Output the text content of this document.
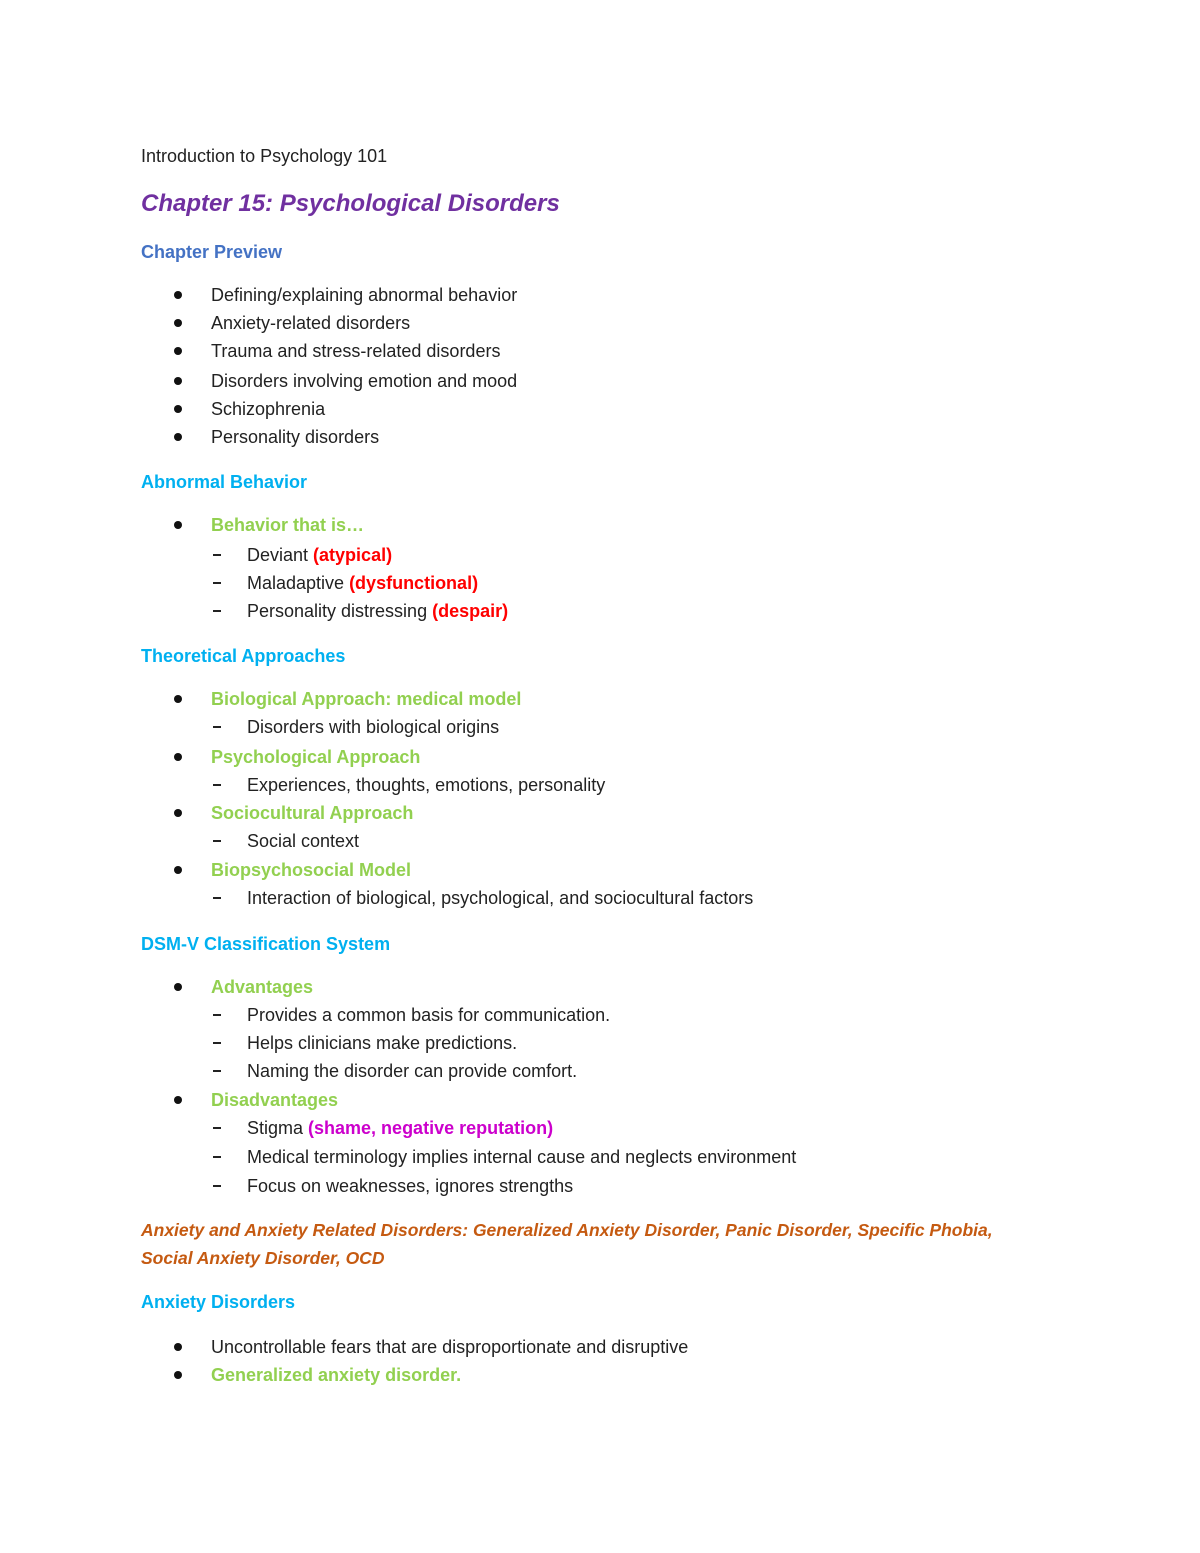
Introduction to Psychology 101
Chapter 15: Psychological Disorders
Chapter Preview
Defining/explaining abnormal behavior
Anxiety-related disorders
Trauma and stress-related disorders
Disorders involving emotion and mood
Schizophrenia
Personality disorders
Abnormal Behavior
Behavior that is…
Deviant (atypical)
Maladaptive (dysfunctional)
Personality distressing (despair)
Theoretical Approaches
Biological Approach: medical model
Disorders with biological origins
Psychological Approach
Experiences, thoughts, emotions, personality
Sociocultural Approach
Social context
Biopsychosocial Model
Interaction of biological, psychological, and sociocultural factors
DSM-V Classification System
Advantages
Provides a common basis for communication.
Helps clinicians make predictions.
Naming the disorder can provide comfort.
Disadvantages
Stigma (shame, negative reputation)
Medical terminology implies internal cause and neglects environment
Focus on weaknesses, ignores strengths
Anxiety and Anxiety Related Disorders: Generalized Anxiety Disorder, Panic Disorder, Specific Phobia,
Social Anxiety Disorder, OCD
Anxiety Disorders
Uncontrollable fears that are disproportionate and disruptive
Generalized anxiety disorder.
